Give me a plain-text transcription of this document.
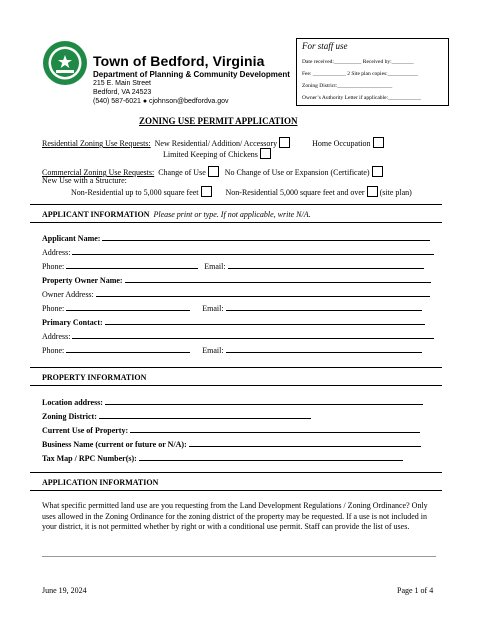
Town of Bedford, Virginia
Department of Planning & Community Development
215 E. Main Street
Bedford, VA 24523
(540) 587-6021 ● cjohnson@bedfordva.gov
For staff use
Date received:__________ Received by:________
Fee: ____________ 2 Site plan copies:___________
Zoning District:____________________
Owner’s Authority Letter if applicable:____________
ZONING USE PERMIT APPLICATION
Residential Zoning Use Requests: New Residential/ Addition/ Accessory	Home Occupation
Limited Keeping of Chickens
Commercial Zoning Use Requests: Change of Use No Change of Use or Expansion (Certificate)
New Use with a Structure:
Non-Residential up to 5,000 square feet	Non-Residential 5,000 square feet and over (site plan)
APPLICANT INFORMATION Please print or type. If not applicable, write N/A.
Applicant Name:
Address:
Phone:	Email:
Property Owner Name:
Owner Address:
Phone:	Email:
Primary Contact:
Address:
Phone:	Email:
PROPERTY INFORMATION
Location address:
Zoning District:
Current Use of Property:
Business Name (current or future or N/A):
Tax Map / RPC Number(s):
APPLICATION INFORMATION
What specific permitted land use are you requesting from the Land Development Regulations / Zoning Ordinance? Only uses allowed in the Zoning Ordinance for the zoning district of the property may be requested. If a use is not included in your district, it is not permitted whether by right or with a conditional use permit. Staff can provide the list of uses.
June 19, 2024	Page 1 of 4
